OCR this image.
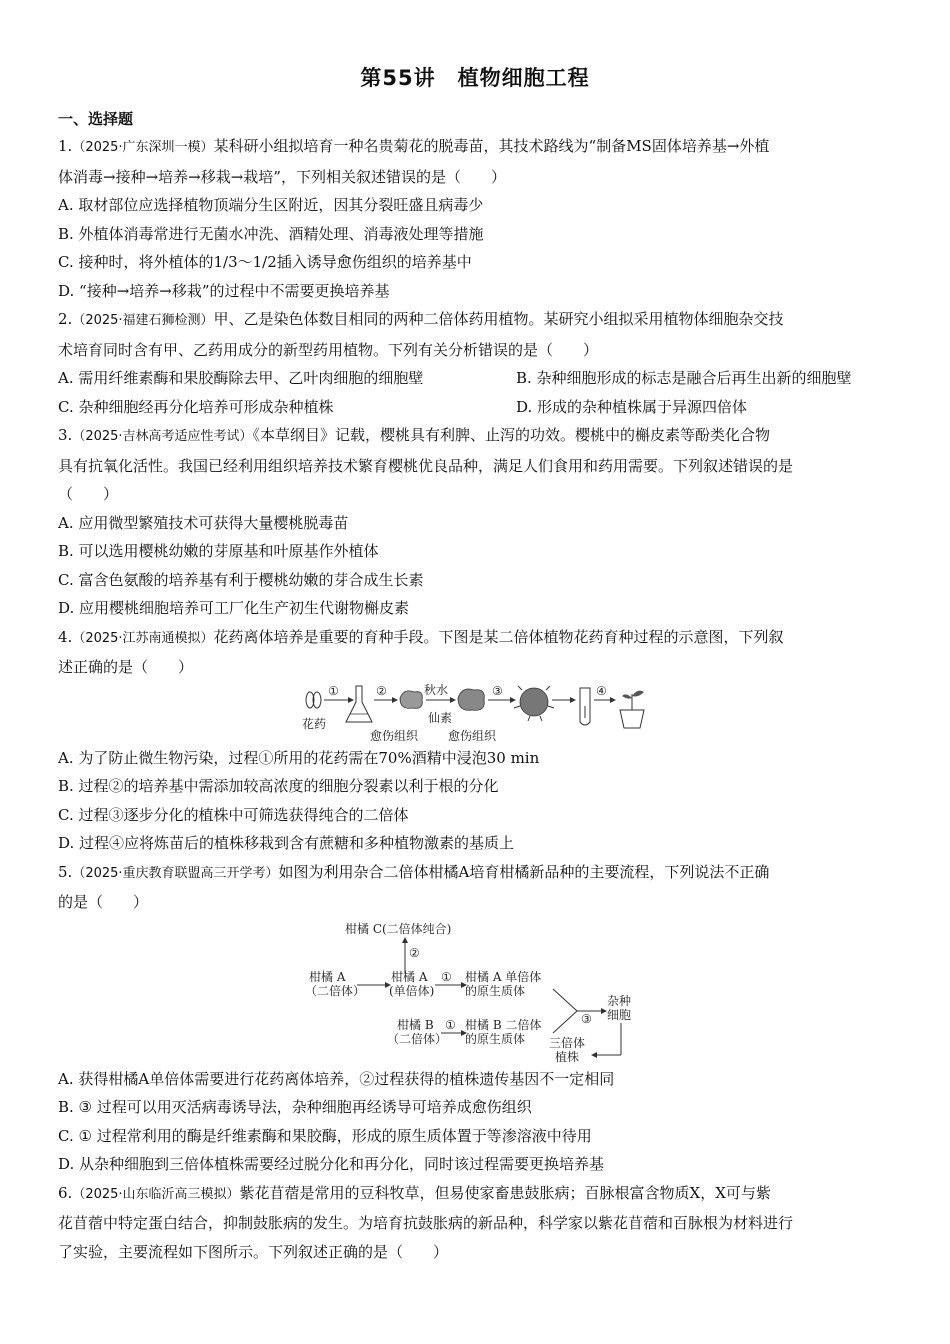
第55讲　植物细胞工程
一、选择题
1.（2025·广东深圳一模）某科研小组拟培育一种名贵菊花的脱毒苗，其技术路线为“制备MS固体培养基→外植
体消毒→接种→培养→移栽→栽培”，下列相关叙述错误的是（　　）
A. 取材部位应选择植物顶端分生区附近，因其分裂旺盛且病毒少
B. 外植体消毒常进行无菌水冲洗、酒精处理、消毒液处理等措施
C. 接种时，将外植体的1/3～1/2插入诱导愈伤组织的培养基中
D. “接种→培养→移栽”的过程中不需要更换培养基
2.（2025·福建石狮检测）甲、乙是染色体数目相同的两种二倍体药用植物。某研究小组拟采用植物体细胞杂交技
术培育同时含有甲、乙药用成分的新型药用植物。下列有关分析错误的是（　　）
A. 需用纤维素酶和果胶酶除去甲、乙叶肉细胞的细胞壁	B. 杂种细胞形成的标志是融合后再生出新的细胞壁
C. 杂种细胞经再分化培养可形成杂种植株	D. 形成的杂种植株属于异源四倍体
3.（2025·吉林高考适应性考试）《本草纲目》记载，樱桃具有利脾、止泻的功效。樱桃中的槲皮素等酚类化合物
具有抗氧化活性。我国已经利用组织培养技术繁育樱桃优良品种，满足人们食用和药用需要。下列叙述错误的是
（　　）
A. 应用微型繁殖技术可获得大量樱桃脱毒苗
B. 可以选用樱桃幼嫩的芽原基和叶原基作外植体
C. 富含色氨酸的培养基有利于樱桃幼嫩的芽合成生长素
D. 应用樱桃细胞培养可工厂化生产初生代谢物槲皮素
4.（2025·江苏南通模拟）花药离体培养是重要的育种手段。下图是某二倍体植物花药育种过程的示意图，下列叙
述正确的是（　　）
花药
①	②
愈伤组织
秋水
仙素
愈伤组织
③	④
A. 为了防止微生物污染，过程①所用的花药需在70%酒精中浸泡30 min
B. 过程②的培养基中需添加较高浓度的细胞分裂素以利于根的分化
C. 过程③逐步分化的植株中可筛选获得纯合的二倍体
D. 过程④应将炼苗后的植株移栽到含有蔗糖和多种植物激素的基质上
5.（2025·重庆教育联盟高三开学考）如图为利用杂合二倍体柑橘A培育柑橘新品种的主要流程，下列说法不正确
的是（　　）
柑橘 C(二倍体纯合)
②
柑橘 A
（二倍体）
柑橘 A
(单倍体)
① 柑橘 A 单倍体
的原生质体
柑橘 B
（二倍体）
① 柑橘 B 二倍体
的原生质体
③
杂种
细胞
三倍体
植株
A. 获得柑橘A单倍体需要进行花药离体培养，②过程获得的植株遗传基因不一定相同
B. ③ 过程可以用灭活病毒诱导法，杂种细胞再经诱导可培养成愈伤组织
C. ① 过程常利用的酶是纤维素酶和果胶酶，形成的原生质体置于等渗溶液中待用
D. 从杂种细胞到三倍体植株需要经过脱分化和再分化，同时该过程需要更换培养基
6.（2025·山东临沂高三模拟）紫花苜蓿是常用的豆科牧草，但易使家畜患鼓胀病；百脉根富含物质X，X可与紫
花苜蓿中特定蛋白结合，抑制鼓胀病的发生。为培育抗鼓胀病的新品种，科学家以紫花苜蓿和百脉根为材料进行
了实验，主要流程如下图所示。下列叙述正确的是（　　）
